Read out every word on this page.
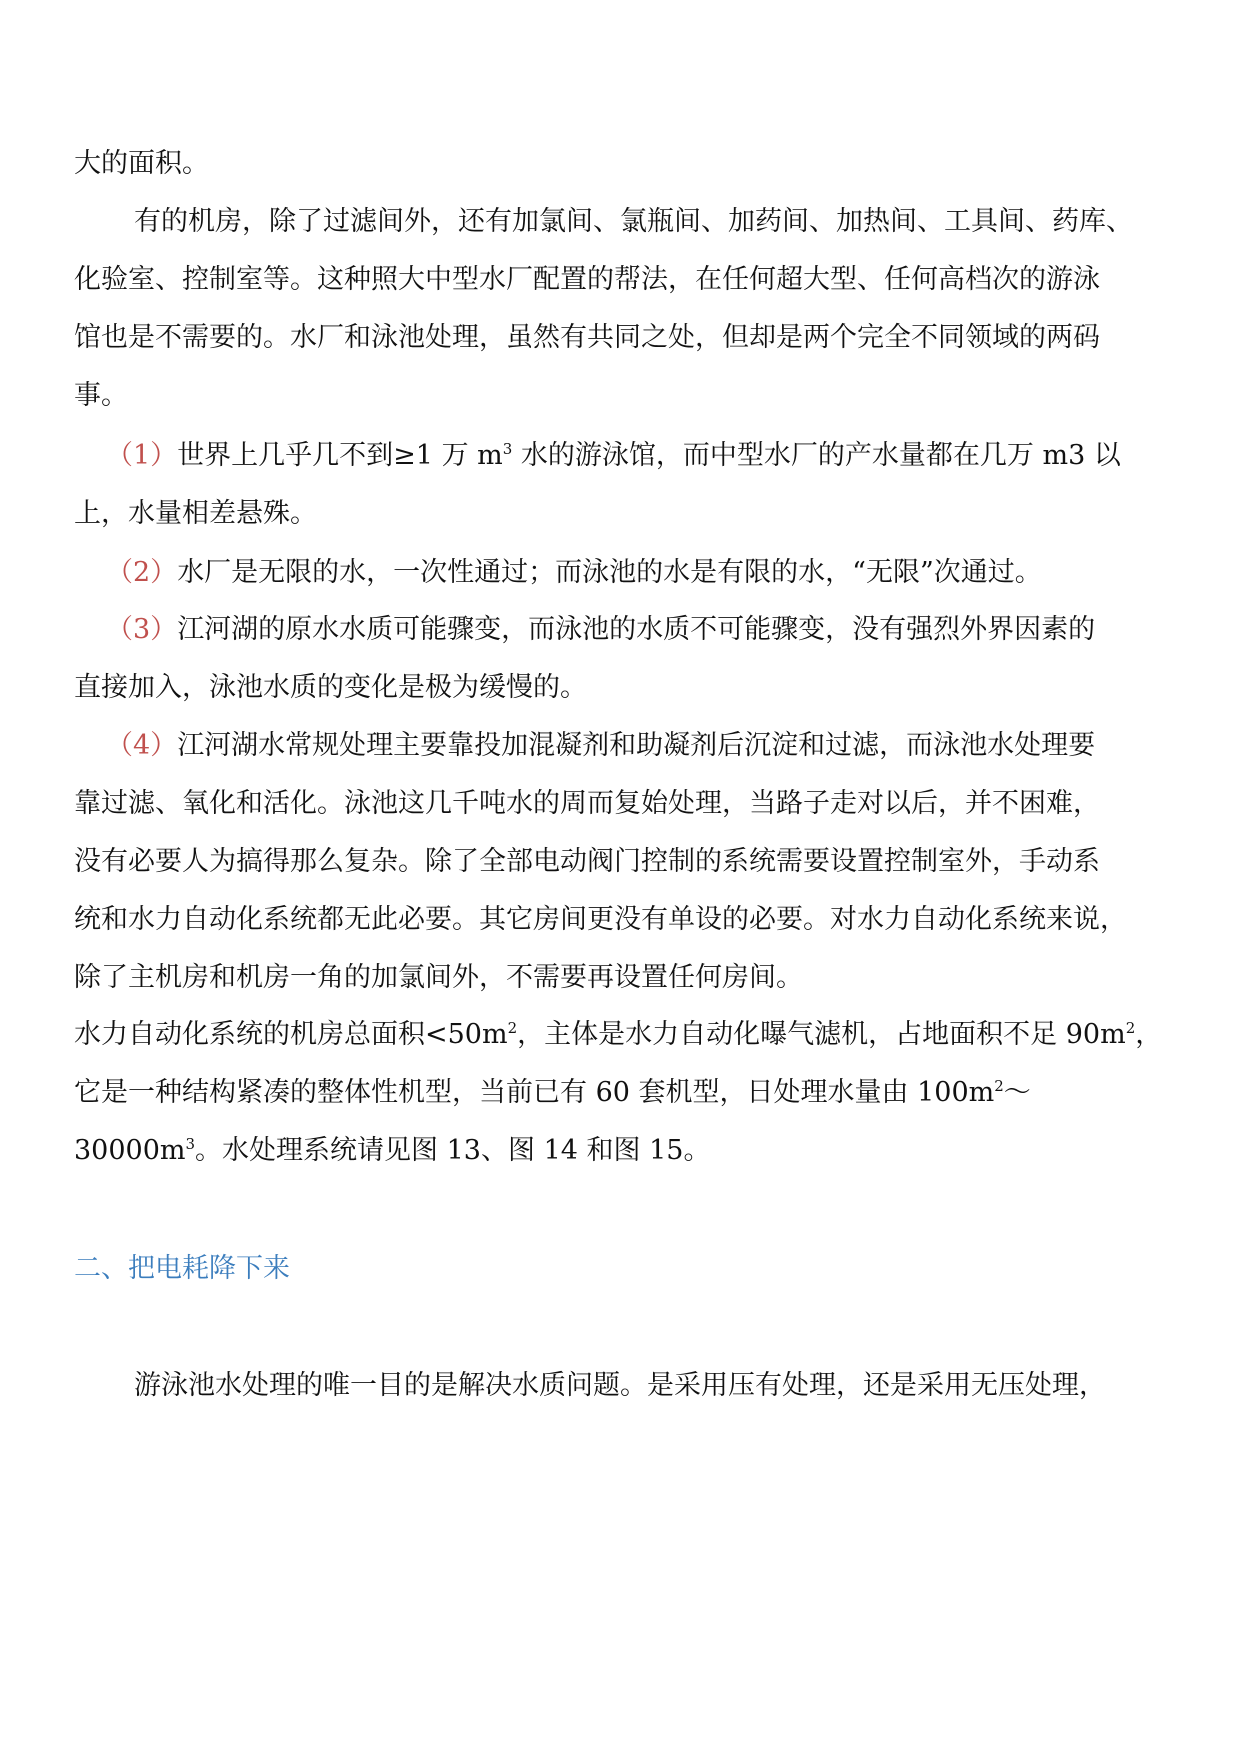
大的面积。
有的机房，除了过滤间外，还有加氯间、氯瓶间、加药间、加热间、工具间、药库、
化验室、控制室等。这种照大中型水厂配置的帮法，在任何超大型、任何高档次的游泳
馆也是不需要的。水厂和泳池处理，虽然有共同之处，但却是两个完全不同领域的两码
事。
（1）世界上几乎几不到≥1 万 $m^3$ 水的游泳馆，而中型水厂的产水量都在几万 m3 以
上，水量相差悬殊。
（2）水厂是无限的水，一次性通过；而泳池的水是有限的水，“无限”次通过。
（3）江河湖的原水水质可能骤变，而泳池的水质不可能骤变，没有强烈外界因素的
直接加入，泳池水质的变化是极为缓慢的。
（4）江河湖水常规处理主要靠投加混凝剂和助凝剂后沉淀和过滤，而泳池水处理要
靠过滤、氧化和活化。泳池这几千吨水的周而复始处理，当路子走对以后，并不困难，
没有必要人为搞得那么复杂。除了全部电动阀门控制的系统需要设置控制室外，手动系
统和水力自动化系统都无此必要。其它房间更没有单设的必要。对水力自动化系统来说，
除了主机房和机房一角的加氯间外，不需要再设置任何房间。
水力自动化系统的机房总面积$<50m^2$，主体是水力自动化曝气滤机，占地面积不足 $90m^2$，
它是一种结构紧凑的整体性机型，当前已有 60 套机型，日处理水量由 $100m^2\sim$
$30000m^3$。水处理系统请见图 13、图 14 和图 15。
二、把电耗降下来
游泳池水处理的唯一目的是解决水质问题。是采用压有处理，还是采用无压处理，
